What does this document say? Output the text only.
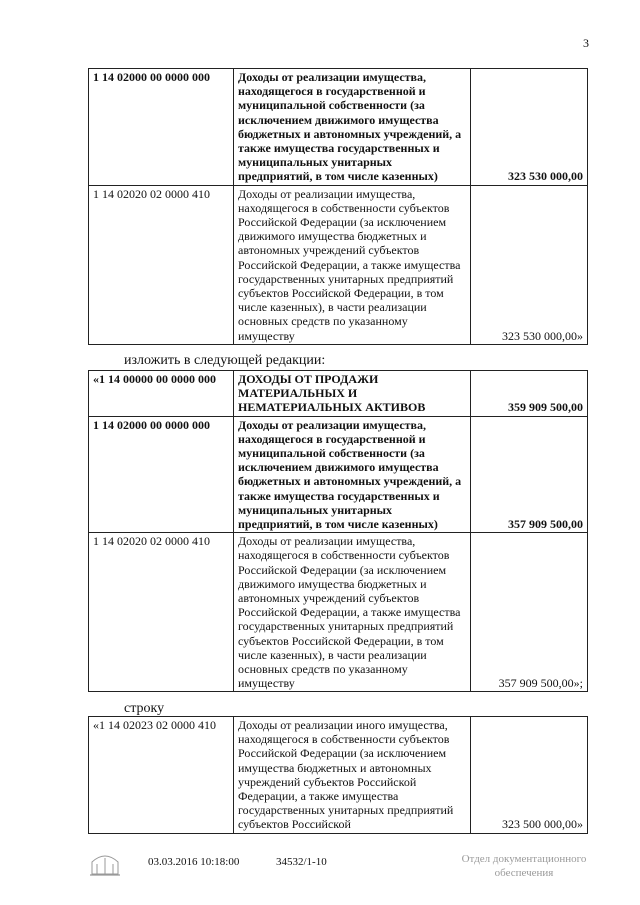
3
1 14 02000 00 0000 000	Доходы от реализации имущества, находящегося в государственной и муниципальной собственности (за исключением движимого имущества бюджетных и автономных учреждений, а также имущества государственных и муниципальных унитарных предприятий, в том числе казенных)	323 530 000,00
1 14 02020 02 0000 410	Доходы от реализации имущества, находящегося в собственности субъектов Российской Федерации (за исключением движимого имущества бюджетных и автономных учреждений субъектов Российской Федерации, а также имущества государственных унитарных предприятий субъектов Российской Федерации, в том числе казенных), в части реализации основных средств по указанному имуществу	323 530 000,00»
изложить в следующей редакции:
«1 14 00000 00 0000 000	ДОХОДЫ ОТ ПРОДАЖИ МАТЕРИАЛЬНЫХ И НЕМАТЕРИАЛЬНЫХ АКТИВОВ	359 909 500,00
1 14 02000 00 0000 000	Доходы от реализации имущества, находящегося в государственной и муниципальной собственности (за исключением движимого имущества бюджетных и автономных учреждений, а также имущества государственных и муниципальных унитарных предприятий, в том числе казенных)	357 909 500,00
1 14 02020 02 0000 410	Доходы от реализации имущества, находящегося в собственности субъектов Российской Федерации (за исключением движимого имущества бюджетных и автономных учреждений субъектов Российской Федерации, а также имущества государственных унитарных предприятий субъектов Российской Федерации, в том числе казенных), в части реализации основных средств по указанному имуществу	357 909 500,00»;
строку
«1 14 02023 02 0000 410	Доходы от реализации иного имущества, находящегося в собственности субъектов Российской Федерации (за исключением имущества бюджетных и автономных учреждений субъектов Российской Федерации, а также имущества государственных унитарных предприятий субъектов Российской	323 500 000,00»
03.03.2016 10:18:00	34532/1-10	Отдел документационного
обеспечения
